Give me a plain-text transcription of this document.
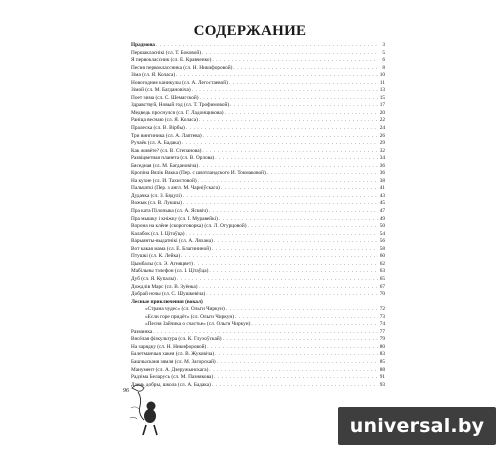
СОДЕРЖАНИЕ
Прадмова . . .	3
Першакласнiкi (сл. Т. Боковой) . . .	5
Я первоклассник (сл. Е. Кравченко) . . .	6
Песня первоклассника (сл. Н. Никифоровой) . . .	8
Зiма (сл. Я. Коласа) . . .	10
Новогодние каникулы (сл. А. Легостаевой) . . .	11
Зiмой (сл. М. Багдановiча) . . .	13
Поет зима (сл. С. Шемагской) . . .	15
Здравствуй, Новый год (сл. Т. Трофимовой) . . .	17
Медведь проснулся (сл. Г. Ладонщикова) . . .	20
Ранiца веснаю (сл. Я. Коласа) . . .	22
Пралеска (сл. В. Вiрбы) . . .	24
Три вингиника (сл. А. Лаптева) . . .	26
Ручаёк (сл. А. Бадака) . . .	29
Как живёте? (сл. В. Степанова) . . .	32
Развiцветная планета (сл. В. Орлова) . . .	34
Бяседная (сл. М. Багдановiча) . . .	36
Кропiна Вялiк Вакка (Пер. с швзтландского И. Токмаковой) . . .	36
На кухне (сл. И. Тахистовой) . . .	38
Пальчаткi (Пер. з англ. М. Чарнiўскага) . . .	41
Дудачка (сл. З. Бядулi) . . .	43
Вожык (сл. В. Лукшы) . . .	45
Пра ката Пiлопыка (сл. А. Ясквiч) . . .	47
Пра мышку i кнiжку (сл. I. Муравейкi) . . .	49
Ворона на клёне (скороговорка) (сл. Л. Огурцовой) . . .	50
Калабок (сл. I. Цiтаўца) . . .	54
Варыянты-выдатнiкi (сл. А. Ляхана) . . .	56
Вот какая мама (сл. Е. Благининой) . . .	58
Птушкi (сл. К. Лейка) . . .	60
Цымбалы (сл. Э. Агняцвет) . . .	62
Мабiльны тэлефон (сл. I. Цiтаўца) . . .	63
Дуб (сл. Я. Купалы) . . .	65
Дождлiв Марс (сл. В. Зуёнка) . . .	67
Добрай ночы (сл. С. Шушкевiча) . . .	70
Лесные приключения (вокал)
«Страна чудес» (сл. Ольги Чиркун) . . .	72
«Если горе придёт» (сл. Ольги Чиркун) . . .	73
«Песня Зайчика о счастье» (сл. Ольги Чиркун) . . .	74
Разминка . . .	77
Вясёлая фiзкультура (сл. К. Глухоўскай) . . .	79
На зарядку (сл. Н. Никифоровой) . . .	80
Балетманчыя хакея (сл. В. Жуковiча) . . .	83
Башчысканя зямля (сл. М. Загорскай) . . .	85
Манумент (сл. А. Дзеружынскага) . . .	88
Радзiма Беларусь (сл. М. Пазнякова) . . .	91
Дзень добры, школа (сл. А. Бадака) . . .	93
96
universal.by
